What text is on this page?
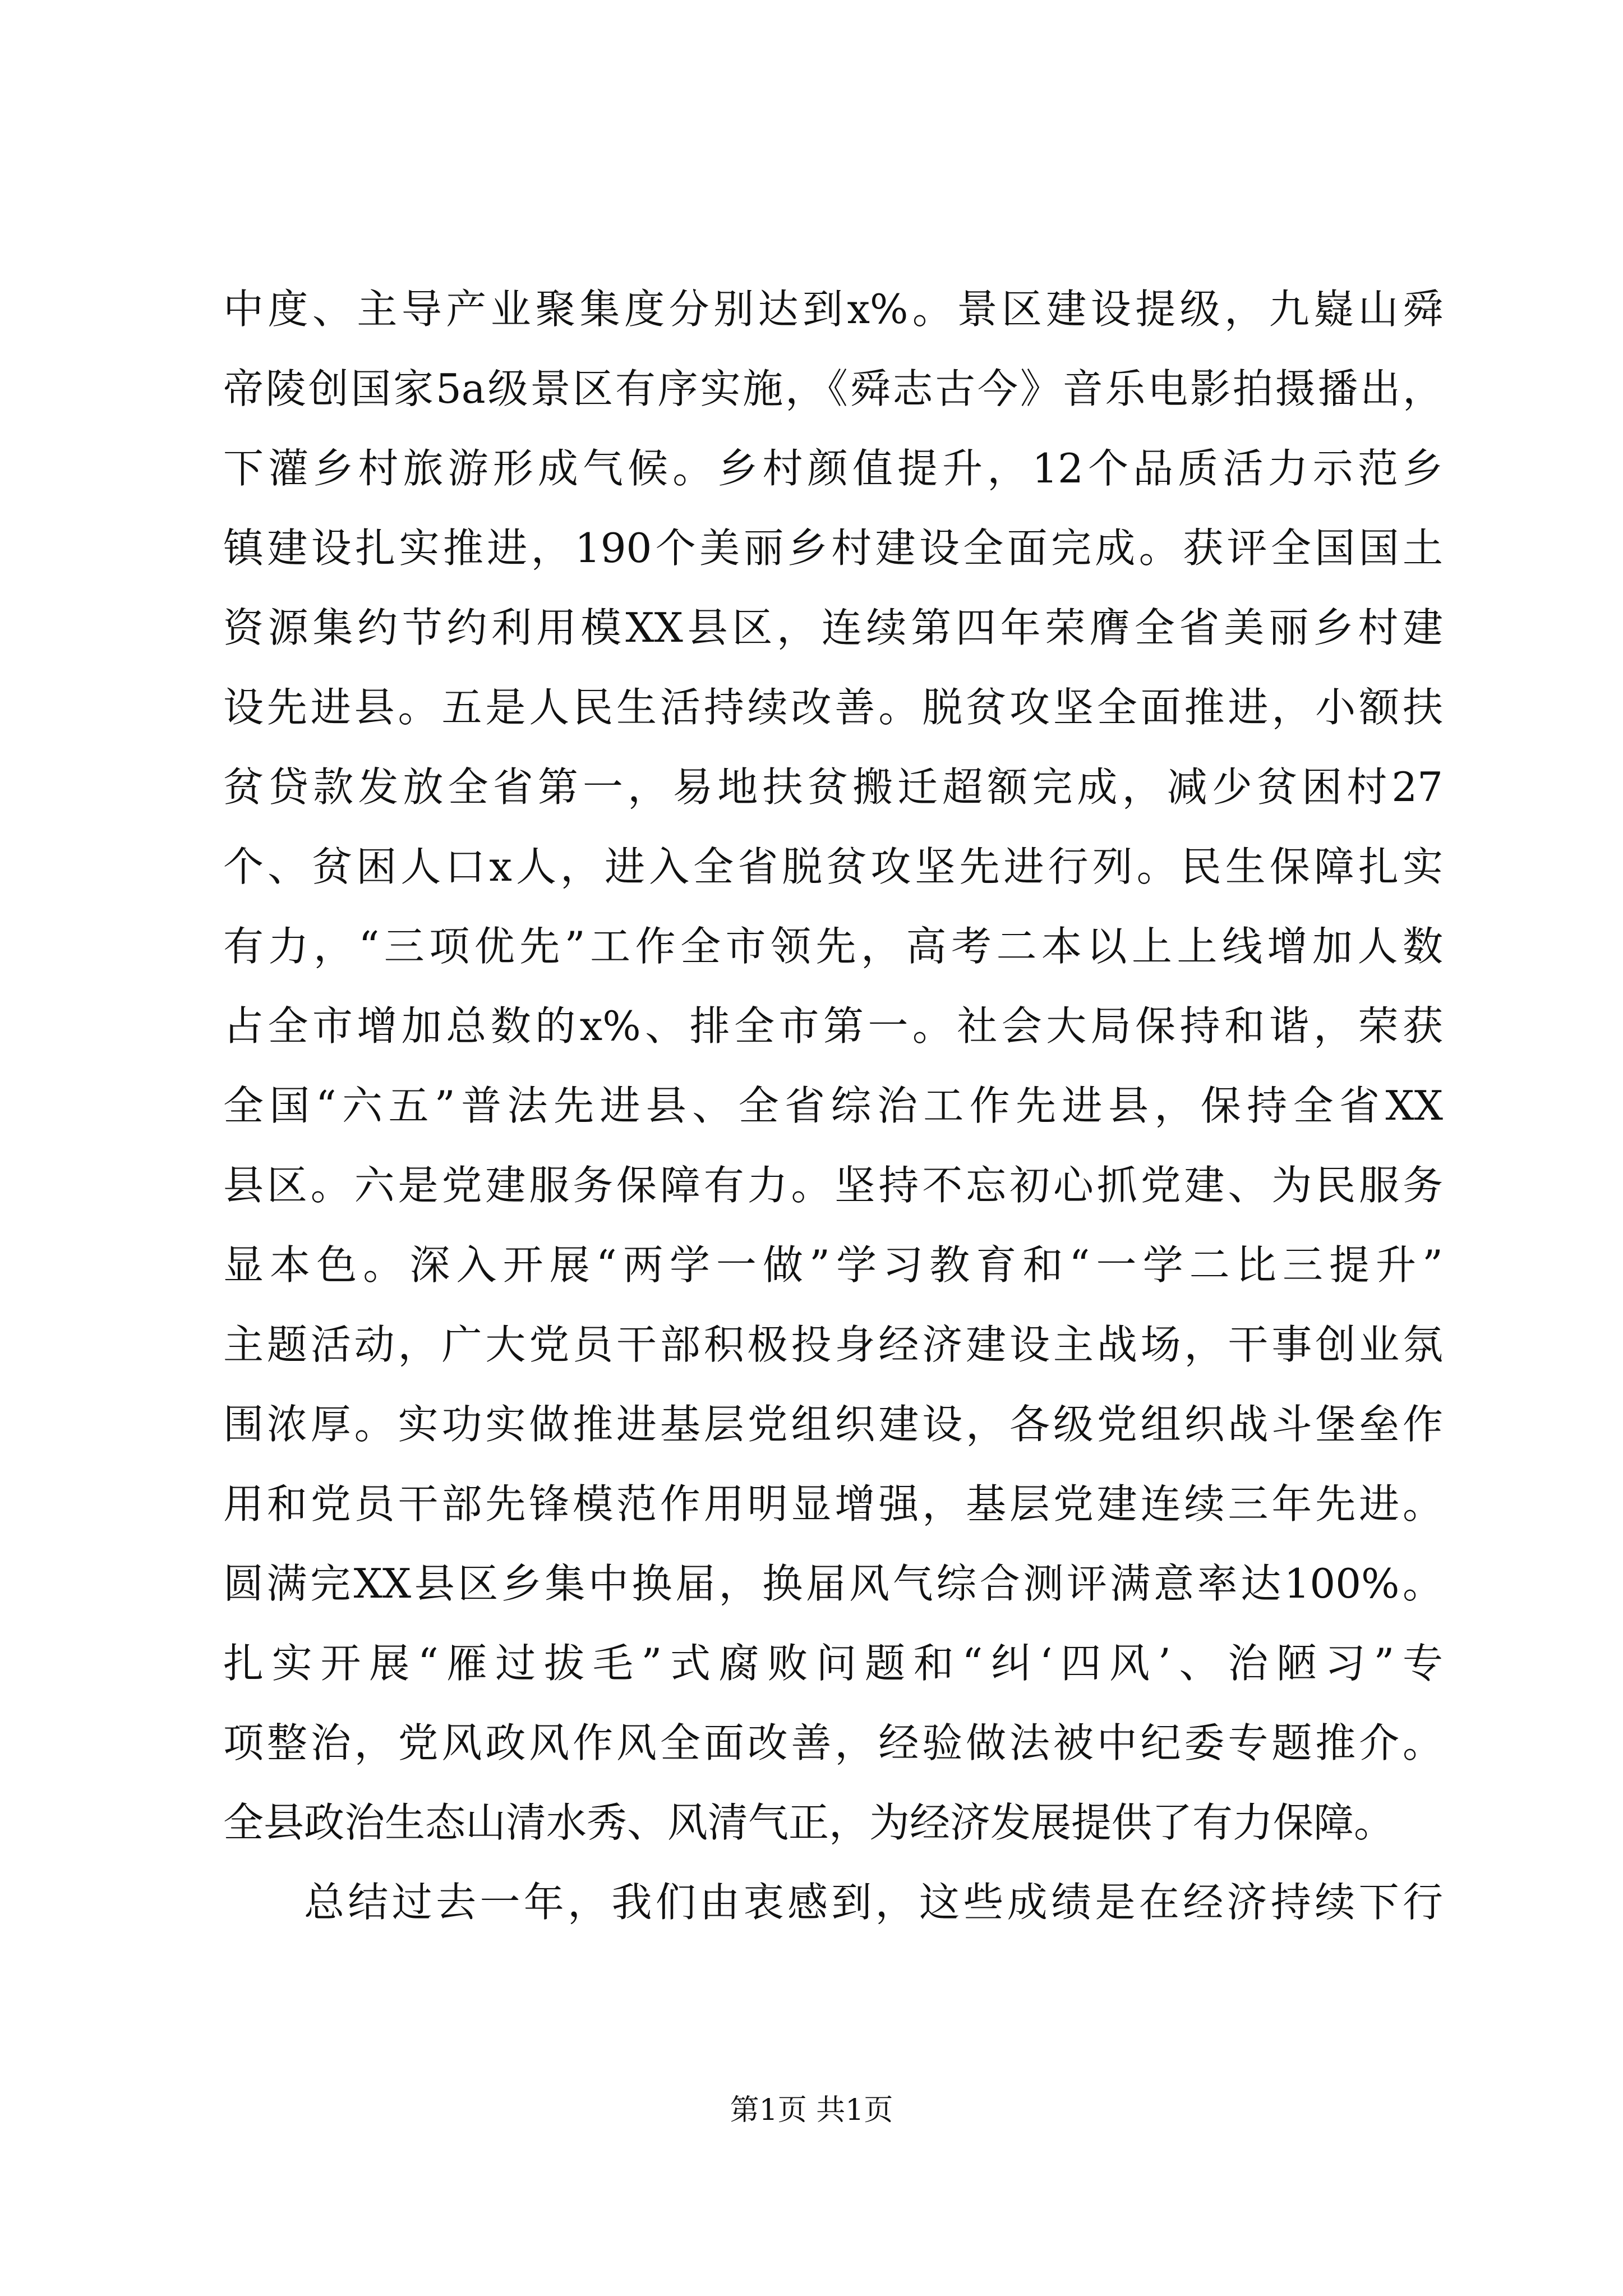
中度、主导产业聚集度分别达到x%。景区建设提级，九嶷山舜
帝陵创国家5a级景区有序实施，《舜志古今》音乐电影拍摄播出，
下灌乡村旅游形成气候。乡村颜值提升，12个品质活力示范乡
镇建设扎实推进，190个美丽乡村建设全面完成。获评全国国土
资源集约节约利用模XX县区，连续第四年荣膺全省美丽乡村建
设先进县。五是人民生活持续改善。脱贫攻坚全面推进，小额扶
贫贷款发放全省第一，易地扶贫搬迁超额完成，减少贫困村27
个、贫困人口x人，进入全省脱贫攻坚先进行列。民生保障扎实
有力，“三项优先”工作全市领先，高考二本以上上线增加人数
占全市增加总数的x%、排全市第一。社会大局保持和谐，荣获
全国“六五”普法先进县、全省综治工作先进县，保持全省XX
县区。六是党建服务保障有力。坚持不忘初心抓党建、为民服务
显本色。深入开展“两学一做”学习教育和“一学二比三提升”
主题活动，广大党员干部积极投身经济建设主战场，干事创业氛
围浓厚。实功实做推进基层党组织建设，各级党组织战斗堡垒作
用和党员干部先锋模范作用明显增强，基层党建连续三年先进。
圆满完XX县区乡集中换届，换届风气综合测评满意率达100%。
扎实开展“雁过拔毛”式腐败问题和“纠‘四风’、治陋习”专
项整治，党风政风作风全面改善，经验做法被中纪委专题推介。
全县政治生态山清水秀、风清气正，为经济发展提供了有力保障。
总结过去一年，我们由衷感到，这些成绩是在经济持续下行
第1页 共1页
